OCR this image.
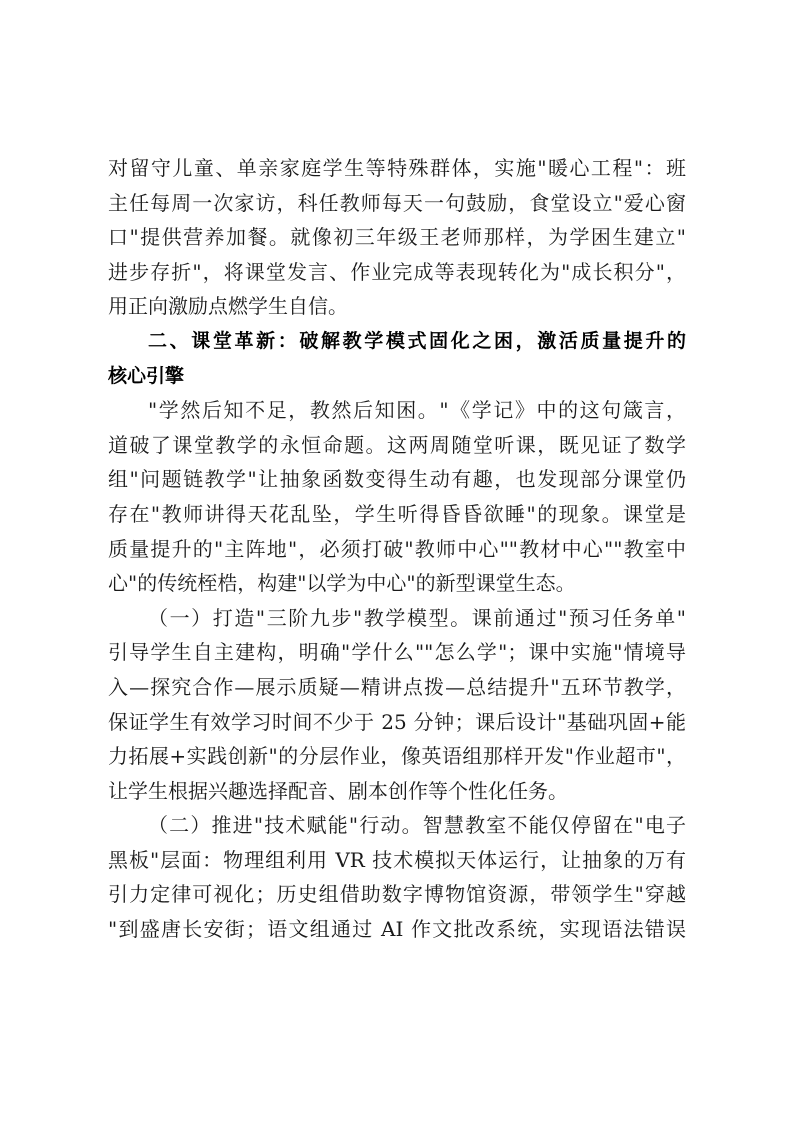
对留守儿童、单亲家庭学生等特殊群体，实施"暖心工程"：班
主任每周一次家访，科任教师每天一句鼓励，食堂设立"爱心窗
口"提供营养加餐。就像初三年级王老师那样，为学困生建立"
进步存折"，将课堂发言、作业完成等表现转化为"成长积分"，
用正向激励点燃学生自信。
二、课堂革新：破解教学模式固化之困，激活质量提升的
核心引擎
"学然后知不足，教然后知困。"《学记》中的这句箴言，
道破了课堂教学的永恒命题。这两周随堂听课，既见证了数学
组"问题链教学"让抽象函数变得生动有趣，也发现部分课堂仍
存在"教师讲得天花乱坠，学生听得昏昏欲睡"的现象。课堂是
质量提升的"主阵地"，必须打破"教师中心""教材中心""教室中
心"的传统桎梏，构建"以学为中心"的新型课堂生态。
（一）打造"三阶九步"教学模型。课前通过"预习任务单"
引导学生自主建构，明确"学什么""怎么学"；课中实施"情境导
入—探究合作—展示质疑—精讲点拨—总结提升"五环节教学，
保证学生有效学习时间不少于 25 分钟；课后设计"基础巩固+能
力拓展+实践创新"的分层作业，像英语组那样开发"作业超市"，
让学生根据兴趣选择配音、剧本创作等个性化任务。
（二）推进"技术赋能"行动。智慧教室不能仅停留在"电子
黑板"层面：物理组利用 VR 技术模拟天体运行，让抽象的万有
引力定律可视化；历史组借助数字博物馆资源，带领学生"穿越
"到盛唐长安街；语文组通过 AI 作文批改系统，实现语法错误
